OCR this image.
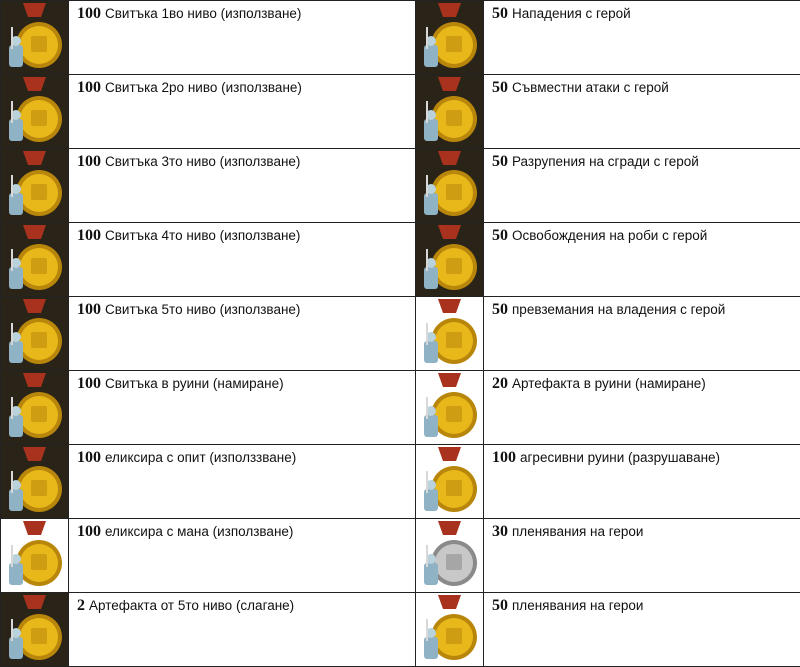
	100 Свитъка 1во ниво (използване)		50 Нападения с герой

	100 Свитъка 2ро ниво (използване)		50 Съвместни атаки с герой

	100 Свитъка 3то ниво (използване)		50 Разрупения на сгради с герой

	100 Свитъка 4то ниво (използване)		50 Освобождения на роби с герой

	100 Свитъка 5то ниво (използване)		50 превземания на владения с герой

	100 Свитъка в руини (намиране)		20 Артефакта в руини (намиране)

	100 еликсира с опит (използзване)		100 агресивни руини (разрушаване)

	100 еликсира с мана (използване)		30 пленявания на герои

	2 Артефакта от 5то ниво (слагане)		50 пленявания на герои
